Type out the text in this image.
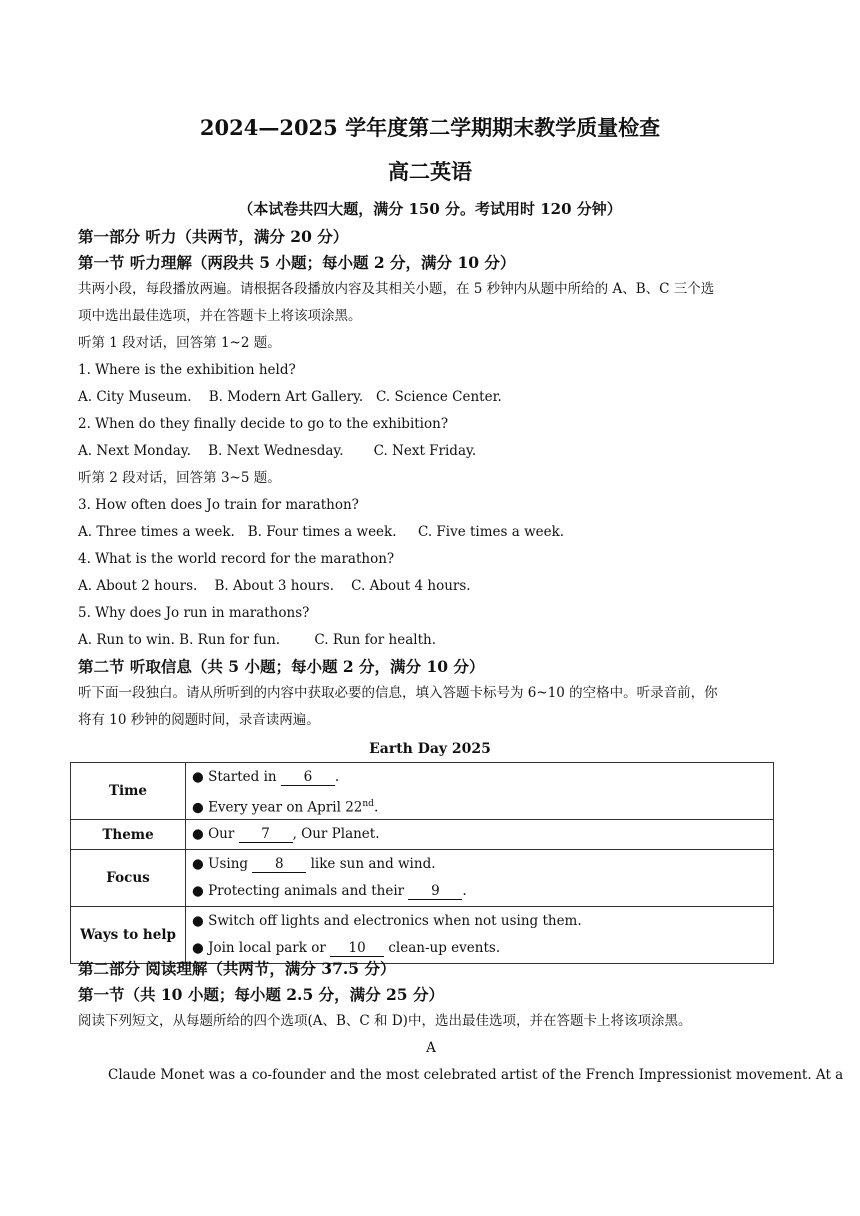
2024—2025 学年度第二学期期末教学质量检查
高二英语
（本试卷共四大题，满分 150 分。考试用时 120 分钟）
第一部分 听力（共两节，满分 20 分）
第一节 听力理解（两段共 5 小题；每小题 2 分，满分 10 分）
共两小段，每段播放两遍。请根据各段播放内容及其相关小题，在 5 秒钟内从题中所给的 A、B、C 三个选
项中选出最佳选项，并在答题卡上将该项涂黑。
听第 1 段对话，回答第 1~2 题。
1. Where is the exhibition held?
A. City Museum.    B. Modern Art Gallery.   C. Science Center.
2. When do they finally decide to go to the exhibition?
A. Next Monday.    B. Next Wednesday.       C. Next Friday.
听第 2 段对话，回答第 3~5 题。
3. How often does Jo train for marathon?
A. Three times a week.   B. Four times a week.     C. Five times a week.
4. What is the world record for the marathon?
A. About 2 hours.    B. About 3 hours.    C. About 4 hours.
5. Why does Jo run in marathons?
A. Run to win. B. Run for fun.        C. Run for health.
第二节 听取信息（共 5 小题；每小题 2 分，满分 10 分）
听下面一段独白。请从所听到的内容中获取必要的信息，填入答题卡标号为 6~10 的空格中。听录音前，你
将有 10 秒钟的阅题时间，录音读两遍。
Earth Day 2025
Time	● Started in 6 .
● Every year on April 22nd.

Theme	● Our 7 , Our Planet.

Focus	● Using 8 like sun and wind.
● Protecting animals and their 9 .

Ways to help	● Switch off lights and electronics when not using them.
● Join local park or 10 clean-up events.
第二部分 阅读理解（共两节，满分 37.5 分）
第一节（共 10 小题；每小题 2.5 分，满分 25 分）
阅读下列短文，从每题所给的四个选项(A、B、C 和 D)中，选出最佳选项，并在答题卡上将该项涂黑。
A
Claude Monet was a co-founder and the most celebrated artist of the French Impressionist movement. At a
